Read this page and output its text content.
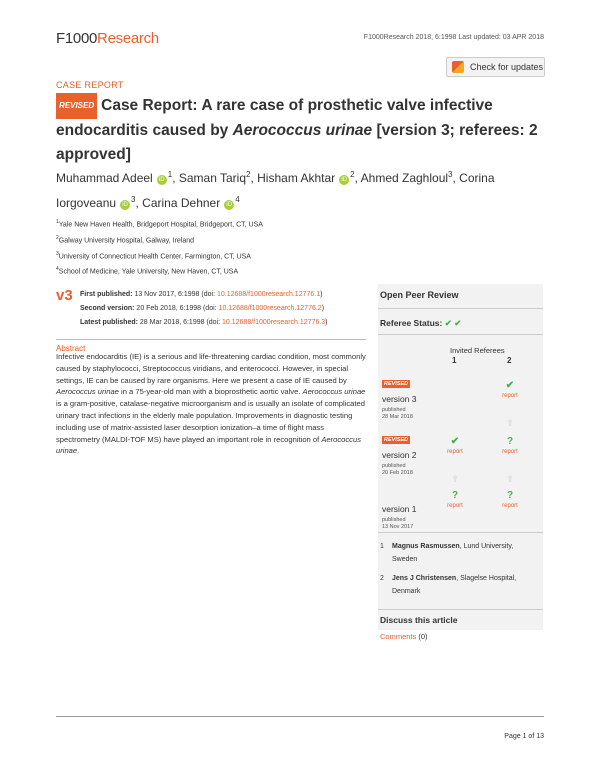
F1000Research	F1000Research 2018, 6:1998 Last updated: 03 APR 2018
Check for updates
CASE REPORT
REVISED Case Report: A rare case of prosthetic valve infective endocarditis caused by Aerococcus urinae [version 3; referees: 2 approved]
Muhammad Adeel $iD^1$, Saman Tariq$^2$, Hisham Akhtar $iD^2$, Ahmed Zaghloul$^3$, Corina Iorgoveanu $iD^3$, Carina Dehner $iD^4$
$^1$Yale New Haven Health, Bridgeport Hospital, Bridgeport, CT, USA
$^2$Galway University Hospital, Galway, Ireland
$^3$University of Connecticut Health Center, Farmington, CT, USA
$^4$School of Medicine, Yale University, New Haven, CT, USA
v3 First published: 13 Nov 2017, 6:1998 (doi: 10.12688/f1000research.12776.1)
Second version: 20 Feb 2018, 6:1998 (doi: 10.12688/f1000research.12776.2)
Latest published: 28 Mar 2018, 6:1998 (doi: 10.12688/f1000research.12776.3)
Abstract
Infective endocarditis (IE) is a serious and life-threatening cardiac condition, most commonly caused by staphylococci, Streptococcus viridians, and enterococci. However, in special settings, IE can be caused by rare organisms. Here we present a case of IE caused by Aerococcus urinae in a 75-year-old man with a bioprosthetic aortic valve. Aerococcus urinae is a gram-positive, catalase-negative microorganism and is usually an isolate of complicated urinary tract infections in the elderly male population. Improvements in diagnostic testing including use of matrix-assisted laser desorption ionization–a time of flight mass spectrometry (MALDI-TOF MS) have played an important role in recognition of Aerococcus urinae.
Open Peer Review
Referee Status: ✔ ✔
Invited Referees
1	2
REVISED
version 3
published
28 Mar 2018
✔
report
REVISED
version 2
published
20 Feb 2018
✔
report
?
report
version 1
published
13 Nov 2017
?
report
?
report
⇧
⇧
⇧
1 Magnus Rasmussen, Lund University, Sweden
2 Jens J Christensen, Slagelse Hospital, Denmark
Discuss this article
Comments (0)
Page 1 of 13
